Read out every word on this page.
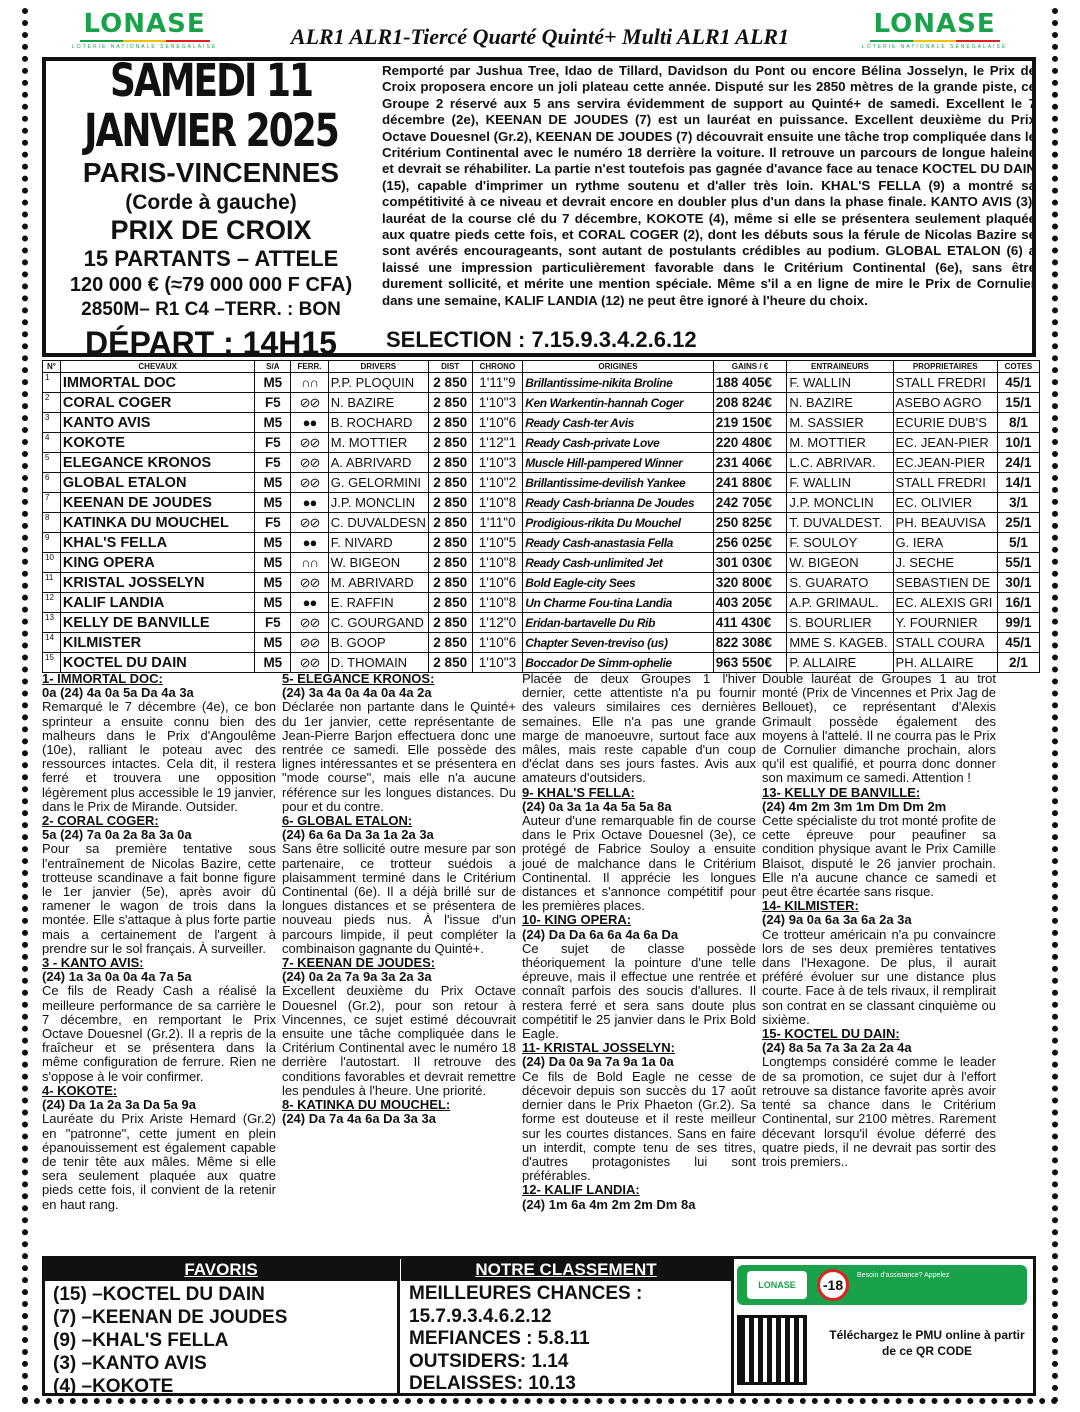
LONASE
LOTERIE NATIONALE SENEGALAISE
LONASE
LOTERIE NATIONALE SENEGALAISE
ALR1 ALR1-Tiercé Quarté Quinté+ Multi ALR1 ALR1
SAMEDI 11 JANVIER 2025
PARIS-VINCENNES
(Corde à gauche)
PRIX DE CROIX
15 PARTANTS – ATTELE
120 000 € (≈79 000 000 F CFA)
2850M– R1 C4 –TERR. : BON
DÉPART : 14H15
Remporté par Jushua Tree, Idao de Tillard, Davidson du Pont ou encore Bélina Josselyn, le Prix de Croix proposera encore un joli plateau cette année. Disputé sur les 2850 mètres de la grande piste, ce Groupe 2 réservé aux 5 ans servira évidemment de support au Quinté+ de samedi. Excellent le 7 décembre (2e), KEENAN DE JOUDES (7) est un lauréat en puissance. Excellent deuxième du Prix Octave Douesnel (Gr.2), KEENAN DE JOUDES (7) découvrait ensuite une tâche trop compliquée dans le Critérium Continental avec le numéro 18 derrière la voiture. Il retrouve un parcours de longue haleine et devrait se réhabiliter. La partie n'est toutefois pas gagnée d'avance face au tenace KOCTEL DU DAIN (15), capable d'imprimer un rythme soutenu et d'aller très loin. KHAL'S FELLA (9) a montré sa compétitivité à ce niveau et devrait encore en doubler plus d'un dans la phase finale. KANTO AVIS (3), lauréat de la course clé du 7 décembre, KOKOTE (4), même si elle se présentera seulement plaquée aux quatre pieds cette fois, et CORAL COGER (2), dont les débuts sous la férule de Nicolas Bazire se sont avérés encourageants, sont autant de postulants crédibles au podium. GLOBAL ETALON (6) a laissé une impression particulièrement favorable dans le Critérium Continental (6e), sans être durement sollicité, et mérite une mention spéciale. Même s'il a en ligne de mire le Prix de Cornulier dans une semaine, KALIF LANDIA (12) ne peut être ignoré à l'heure du choix.
SELECTION : 7.15.9.3.4.2.6.12
N°	CHEVAUX	S/A	FERR.	DRIVERS	DIST	CHRONO	ORIGINES	GAINS / €	ENTRAINEURS	PROPRIETAIRES	COTES
1	IMMORTAL DOC	M5	∩∩	P.P. PLOQUIN	2 850	1'11"9	Brillantissime-nikita Broline	188 405€	F. WALLIN	STALL FREDRI	45/1
2	CORAL COGER	F5	⊘⊘	N. BAZIRE	2 850	1'10"3	Ken Warkentin-hannah Coger	208 824€	N. BAZIRE	ASEBO AGRO	15/1
3	KANTO AVIS	M5	●●	B. ROCHARD	2 850	1'10"6	Ready Cash-ter Avis	219 150€	M. SASSIER	ECURIE DUB'S	8/1
4	KOKOTE	F5	⊘⊘	M. MOTTIER	2 850	1'12"1	Ready Cash-private Love	220 480€	M. MOTTIER	EC. JEAN-PIER	10/1
5	ELEGANCE KRONOS	F5	⊘⊘	A. ABRIVARD	2 850	1'10"3	Muscle Hill-pampered Winner	231 406€	L.C. ABRIVAR.	EC.JEAN-PIER	24/1
6	GLOBAL ETALON	M5	⊘⊘	G. GELORMINI	2 850	1'10"2	Brillantissime-devilish Yankee	241 880€	F. WALLIN	STALL FREDRI	14/1
7	KEENAN DE JOUDES	M5	●●	J.P. MONCLIN	2 850	1'10"8	Ready Cash-brianna De Joudes	242 705€	J.P. MONCLIN	EC. OLIVIER	3/1
8	KATINKA DU MOUCHEL	F5	⊘⊘	C. DUVALDESN	2 850	1'11"0	Prodigious-rikita Du Mouchel	250 825€	T. DUVALDEST.	PH. BEAUVISA	25/1
9	KHAL'S FELLA	M5	●●	F. NIVARD	2 850	1'10"5	Ready Cash-anastasia Fella	256 025€	F. SOULOY	G. IERA	5/1
10	KING OPERA	M5	∩∩	W. BIGEON	2 850	1'10"8	Ready Cash-unlimited Jet	301 030€	W. BIGEON	J. SECHE	55/1
11	KRISTAL JOSSELYN	M5	⊘⊘	M. ABRIVARD	2 850	1'10"6	Bold Eagle-city Sees	320 800€	S. GUARATO	SEBASTIEN DE	30/1
12	KALIF LANDIA	M5	●●	E. RAFFIN	2 850	1'10"8	Un Charme Fou-tina Landia	403 205€	A.P. GRIMAUL.	EC. ALEXIS GRI	16/1
13	KELLY DE BANVILLE	F5	⊘⊘	C. GOURGAND	2 850	1'12"0	Eridan-bartavelle Du Rib	411 430€	S. BOURLIER	Y. FOURNIER	99/1
14	KILMISTER	M5	⊘⊘	B. GOOP	2 850	1'10"6	Chapter Seven-treviso (us)	822 308€	MME S. KAGEB.	STALL COURA	45/1
15	KOCTEL DU DAIN	M5	⊘⊘	D. THOMAIN	2 850	1'10"3	Boccador De Simm-ophelie	963 550€	P. ALLAIRE	PH. ALLAIRE	2/1

1- IMMORTAL DOC:

0a (24) 4a 0a 5a Da 4a 3a

Remarqué le 7 décembre (4e), ce bon sprinteur a ensuite connu bien des malheurs dans le Prix d'Angoulême (10e), ralliant le poteau avec des ressources intactes. Cela dit, il restera ferré et trouvera une opposition légèrement plus accessible le 19 janvier, dans le Prix de Mirande. Outsider.

2- CORAL COGER:

5a (24) 7a 0a 2a 8a 3a 0a

Pour sa première tentative sous l'entraînement de Nicolas Bazire, cette trotteuse scandinave a fait bonne figure le 1er janvier (5e), après avoir dû ramener le wagon de trois dans la montée. Elle s'attaque à plus forte partie mais a certainement de l'argent à prendre sur le sol français. À surveiller.

3 - KANTO AVIS:

(24) 1a 3a 0a 0a 4a 7a 5a

Ce fils de Ready Cash a réalisé la meilleure performance de sa carrière le 7 décembre, en remportant le Prix Octave Douesnel (Gr.2). Il a repris de la fraîcheur et se présentera dans la même configuration de ferrure. Rien ne s'oppose à le voir confirmer.

4- KOKOTE:

(24) Da 1a 2a 3a Da 5a 9a

Lauréate du Prix Ariste Hemard (Gr.2) en "patronne", cette jument en plein épanouissement est également capable de tenir tête aux mâles. Même si elle sera seulement plaquée aux quatre pieds cette fois, il convient de la retenir en haut rang.

5- ELEGANCE KRONOS:

(24) 3a 4a 0a 4a 0a 4a 2a

Déclarée non partante dans le Quinté+ du 1er janvier, cette représentante de Jean-Pierre Barjon effectuera donc une rentrée ce samedi. Elle possède des lignes intéressantes et se présentera en "mode course", mais elle n'a aucune référence sur les longues distances. Du pour et du contre.

6- GLOBAL ETALON:

(24) 6a 6a Da 3a 1a 2a 3a

Sans être sollicité outre mesure par son partenaire, ce trotteur suédois a plaisamment terminé dans le Critérium Continental (6e). Il a déjà brillé sur de longues distances et se présentera de nouveau pieds nus. À l'issue d'un parcours limpide, il peut compléter la combinaison gagnante du Quinté+.

7- KEENAN DE JOUDES:

(24) 0a 2a 7a 9a 3a 2a 3a

Excellent deuxième du Prix Octave Douesnel (Gr.2), pour son retour à Vincennes, ce sujet estimé découvrait ensuite une tâche compliquée dans le Critérium Continental avec le numéro 18 derrière l'autostart. Il retrouve des conditions favorables et devrait remettre les pendules à l'heure. Une priorité.

8- KATINKA DU MOUCHEL:

(24) Da 7a 4a 6a Da 3a 3a

Placée de deux Groupes 1 l'hiver dernier, cette attentiste n'a pu fournir des valeurs similaires ces dernières semaines. Elle n'a pas une grande marge de manoeuvre, surtout face aux mâles, mais reste capable d'un coup d'éclat dans ses jours fastes. Avis aux amateurs d'outsiders.

9- KHAL'S FELLA:

(24) 0a 3a 1a 4a 5a 5a 8a

Auteur d'une remarquable fin de course dans le Prix Octave Douesnel (3e), ce protégé de Fabrice Souloy a ensuite joué de malchance dans le Critérium Continental. Il apprécie les longues distances et s'annonce compétitif pour les premières places.

10- KING OPERA:

(24) Da Da 6a 6a 4a 6a Da

Ce sujet de classe possède théoriquement la pointure d'une telle épreuve, mais il effectue une rentrée et connaît parfois des soucis d'allures. Il restera ferré et sera sans doute plus compétitif le 25 janvier dans le Prix Bold Eagle.

11- KRISTAL JOSSELYN:

(24) Da 0a 9a 7a 9a 1a 0a

Ce fils de Bold Eagle ne cesse de décevoir depuis son succès du 17 août dernier dans le Prix Phaeton (Gr.2). Sa forme est douteuse et il reste meilleur sur les courtes distances. Sans en faire un interdit, compte tenu de ses titres, d'autres protagonistes lui sont préférables.

12- KALIF LANDIA:

(24) 1m 6a 4m 2m 2m Dm 8a

Double lauréat de Groupes 1 au trot monté (Prix de Vincennes et Prix Jag de Bellouet), ce représentant d'Alexis Grimault possède également des moyens à l'attelé. Il ne courra pas le Prix de Cornulier dimanche prochain, alors qu'il est qualifié, et pourra donc donner son maximum ce samedi. Attention !

13- KELLY DE BANVILLE:

(24) 4m 2m 3m 1m Dm Dm 2m

Cette spécialiste du trot monté profite de cette épreuve pour peaufiner sa condition physique avant le Prix Camille Blaisot, disputé le 26 janvier prochain. Elle n'a aucune chance ce samedi et peut être écartée sans risque.

14- KILMISTER:

(24) 9a 0a 6a 3a 6a 2a 3a

Ce trotteur américain n'a pu convaincre lors de ses deux premières tentatives dans l'Hexagone. De plus, il aurait préféré évoluer sur une distance plus courte. Face à de tels rivaux, il remplirait son contrat en se classant cinquième ou sixième.

15- KOCTEL DU DAIN:

(24) 8a 5a 7a 3a 2a 2a 4a

Longtemps considéré comme le leader de sa promotion, ce sujet dur à l'effort retrouve sa distance favorite après avoir tenté sa chance dans le Critérium Continental, sur 2100 mètres. Rarement décevant lorsqu'il évolue déferré des quatre pieds, il ne devrait pas sortir des trois premiers..

FAVORIS	NOTRE CLASSEMENT
(15) –KOCTEL DU DAIN
(7) –KEENAN DE JOUDES
(9) –KHAL'S FELLA
(3) –KANTO AVIS
(4) –KOKOTE
MEILLEURES CHANCES :
15.7.9.3.4.6.2.12
MEFIANCES : 5.8.11
OUTSIDERS: 1.14
DELAISSES: 10.13
LONASE	-18
Besoin d'assistance? Appelez
Téléchargez le PMU online à partir de ce QR CODE
